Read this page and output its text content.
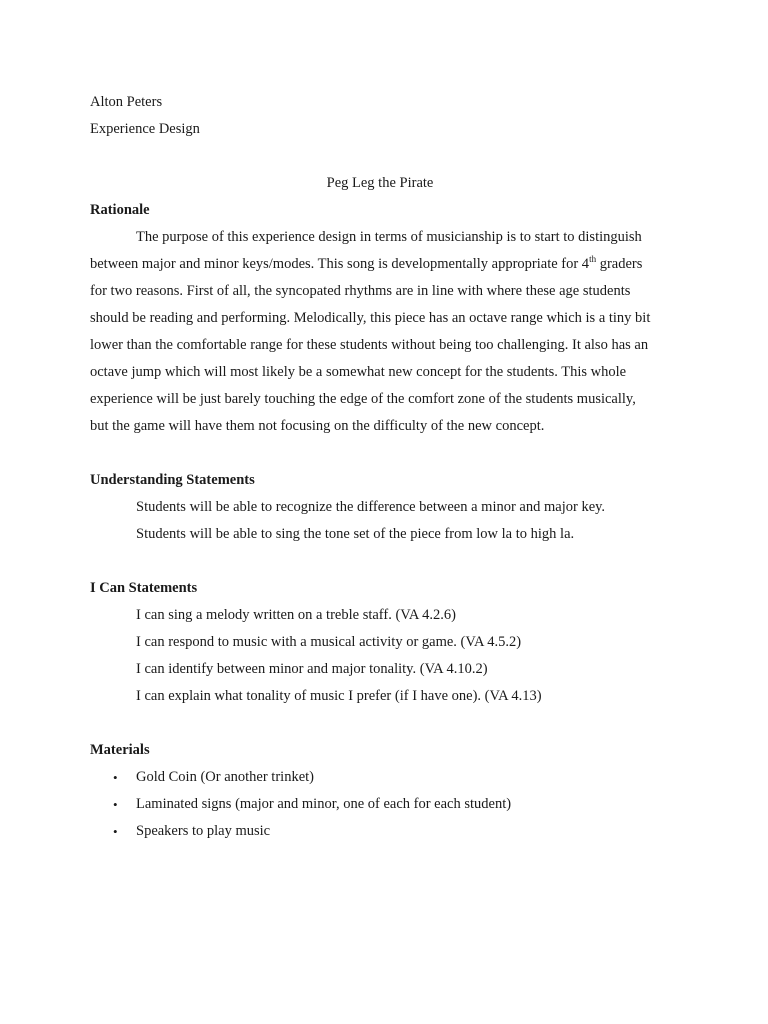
Alton Peters
Experience Design
Peg Leg the Pirate
Rationale
The purpose of this experience design in terms of musicianship is to start to distinguish
between major and minor keys/modes. This song is developmentally appropriate for 4th graders
for two reasons. First of all, the syncopated rhythms are in line with where these age students
should be reading and performing. Melodically, this piece has an octave range which is a tiny bit
lower than the comfortable range for these students without being too challenging. It also has an
octave jump which will most likely be a somewhat new concept for the students. This whole
experience will be just barely touching the edge of the comfort zone of the students musically,
but the game will have them not focusing on the difficulty of the new concept.
Understanding Statements
Students will be able to recognize the difference between a minor and major key.
Students will be able to sing the tone set of the piece from low la to high la.
I Can Statements
I can sing a melody written on a treble staff. (VA 4.2.6)
I can respond to music with a musical activity or game. (VA 4.5.2)
I can identify between minor and major tonality. (VA 4.10.2)
I can explain what tonality of music I prefer (if I have one). (VA 4.13)
Materials
• Gold Coin (Or another trinket)
• Laminated signs (major and minor, one of each for each student)
• Speakers to play music
